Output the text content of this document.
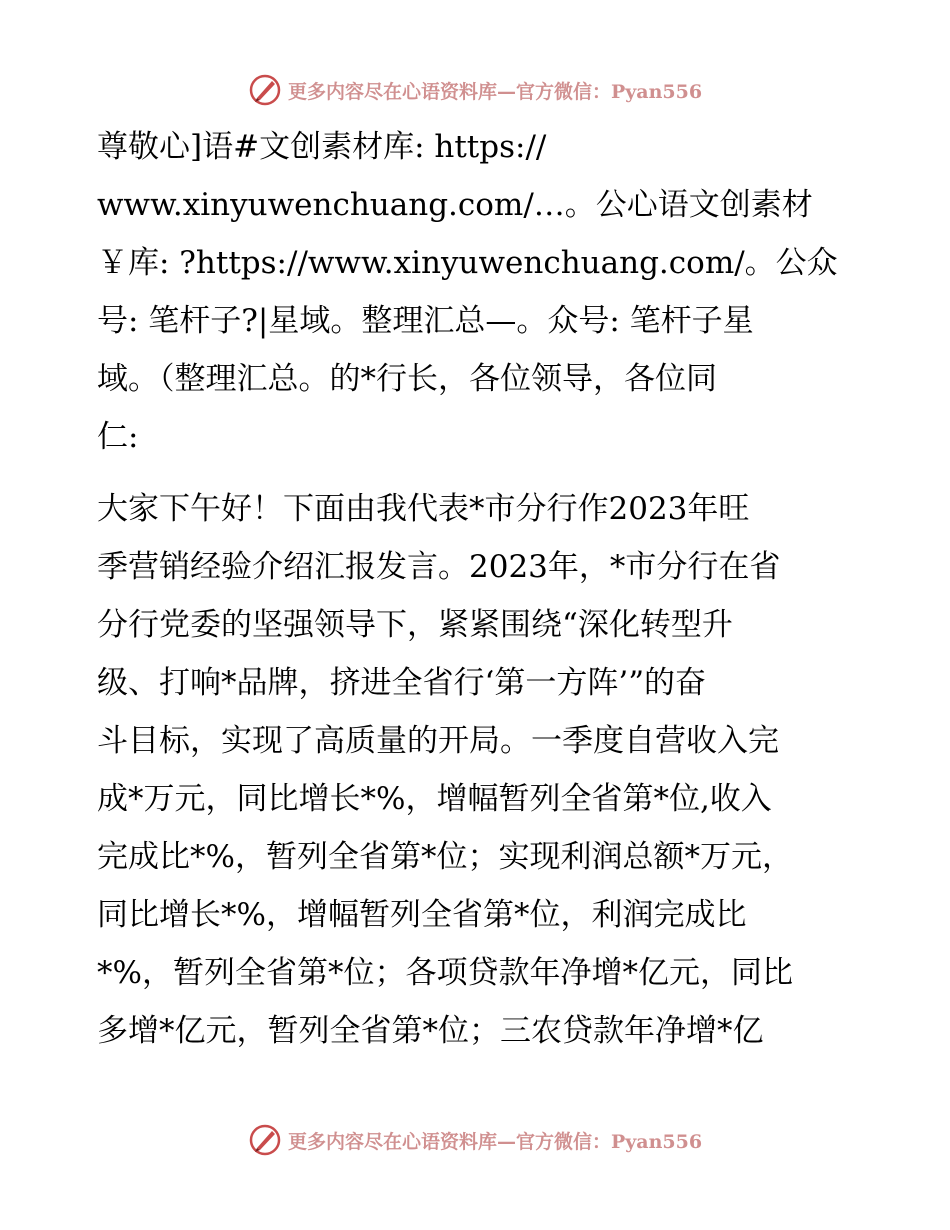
更多内容尽在心语资料库—官方微信：Pyan556

尊敬心]语#文创素材库: https://
www.xinyuwenchuang.com/…。公心语文创素材
￥库: ?https://www.xinyuwenchuang.com/。公众
号: 笔杆子?|星域。整理汇总—。众号: 笔杆子星
域。（整理汇总。的*行长，各位领导，各位同
仁:

大家下午好！下面由我代表*市分行作2023年旺
季营销经验介绍汇报发言。2023年，*市分行在省
分行党委的坚强领导下，紧紧围绕“深化转型升
级、打响*品牌，挤进全省行‘第一方阵’”的奋
斗目标，实现了高质量的开局。一季度自营收入完
成*万元，同比增长*%，增幅暂列全省第*位,收入
完成比*%，暂列全省第*位；实现利润总额*万元，
同比增长*%，增幅暂列全省第*位，利润完成比
*%，暂列全省第*位；各项贷款年净增*亿元，同比
多增*亿元，暂列全省第*位；三农贷款年净增*亿

更多内容尽在心语资料库—官方微信：Pyan556
